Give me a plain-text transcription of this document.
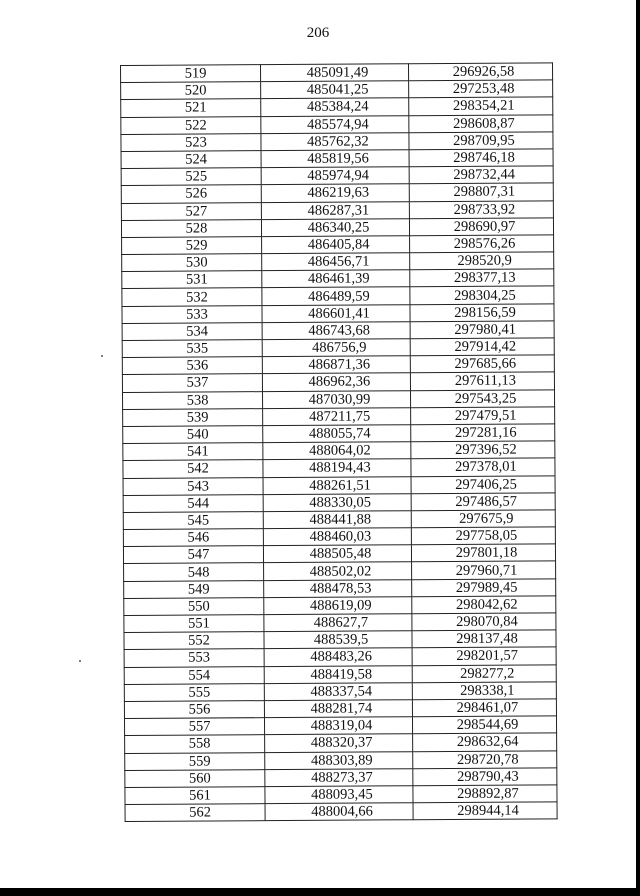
206
519	485091,49	296926,58
520	485041,25	297253,48
521	485384,24	298354,21
522	485574,94	298608,87
523	485762,32	298709,95
524	485819,56	298746,18
525	485974,94	298732,44
526	486219,63	298807,31
527	486287,31	298733,92
528	486340,25	298690,97
529	486405,84	298576,26
530	486456,71	298520,9
531	486461,39	298377,13
532	486489,59	298304,25
533	486601,41	298156,59
534	486743,68	297980,41
535	486756,9	297914,42
536	486871,36	297685,66
537	486962,36	297611,13
538	487030,99	297543,25
539	487211,75	297479,51
540	488055,74	297281,16
541	488064,02	297396,52
542	488194,43	297378,01
543	488261,51	297406,25
544	488330,05	297486,57
545	488441,88	297675,9
546	488460,03	297758,05
547	488505,48	297801,18
548	488502,02	297960,71
549	488478,53	297989,45
550	488619,09	298042,62
551	488627,7	298070,84
552	488539,5	298137,48
553	488483,26	298201,57
554	488419,58	298277,2
555	488337,54	298338,1
556	488281,74	298461,07
557	488319,04	298544,69
558	488320,37	298632,64
559	488303,89	298720,78
560	488273,37	298790,43
561	488093,45	298892,87
562	488004,66	298944,14
